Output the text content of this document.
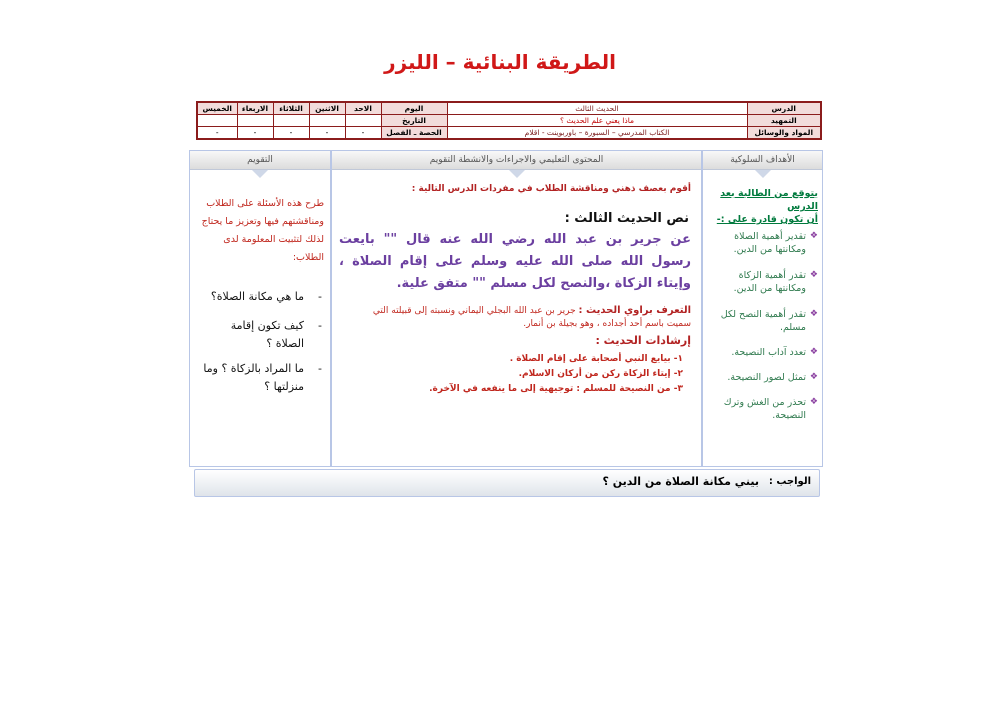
الطريقة البنائية – الليزر
الدرس	الحديث الثالث	اليوم	الاحد	الاثنين	الثلاثاء	الاربعاء	الخميس
التمهيد	ماذا يعني علم الحديث ؟	التاريخ					
المواد والوسائل	الكتاب المدرسي – السبورة – باوربوينت - اقلام	الحصة ـ الفصل	-	-	-	-	-
الأهداف السلوكية
يتوقع من الطالبة بعد الدرس
أن تكون قادرة على :-
❖
تقدير أهمية الصلاة ومكانتها من الدين.
❖
تقدر أهمية الزكاة ومكانتها من الدين.
❖
تقدر أهمية النصح لكل مسلم.
❖
تعدد آداب النصيحة.
❖
تمثل لصور النصيحة.
❖
تحذر من الغش وترك النصيحة.
المحتوى التعليمي والاجراءات والانشطة التقويم
أقوم بعصف ذهني ومناقشة الطلاب في مفردات الدرس التالية :
نص الحديث الثالث :
عن جرير بن عبد الله رضي الله عنه قال "" بايعت رسول الله صلى الله عليه وسلم على إقام الصلاة ، وإيتاء الزكاة ،والنصح لكل مسلم "" متفق علية.
التعرف براوي الحديث : جرير بن عبد الله البجلي اليماني ونسبته إلى قبيلته التي سميت باسم أحد أجداده ، وهو بجيلة بن أنمار.
إرشادات الحديث :
١- بيايع النبي أصحابة على إقام الصلاة .
٢- إيتاء الزكاة ركن من أركان الاسلام.
٣- من النصيحة للمسلم : توجيهية إلى ما ينفعه في الآخرة.
التقويم
طرح هذه الأسئلة على الطلاب ومناقشتهم فيها وتعزيز ما يحتاج لذلك لتثبيت المعلومة لدى الطلاب:
-
ما هي مكانة الصلاة؟
-
كيف تكون إقامة الصلاة ؟
-
ما المراد بالزكاة ؟ وما منزلتها ؟
الواجب :
بيني مكانة الصلاة من الدين ؟
